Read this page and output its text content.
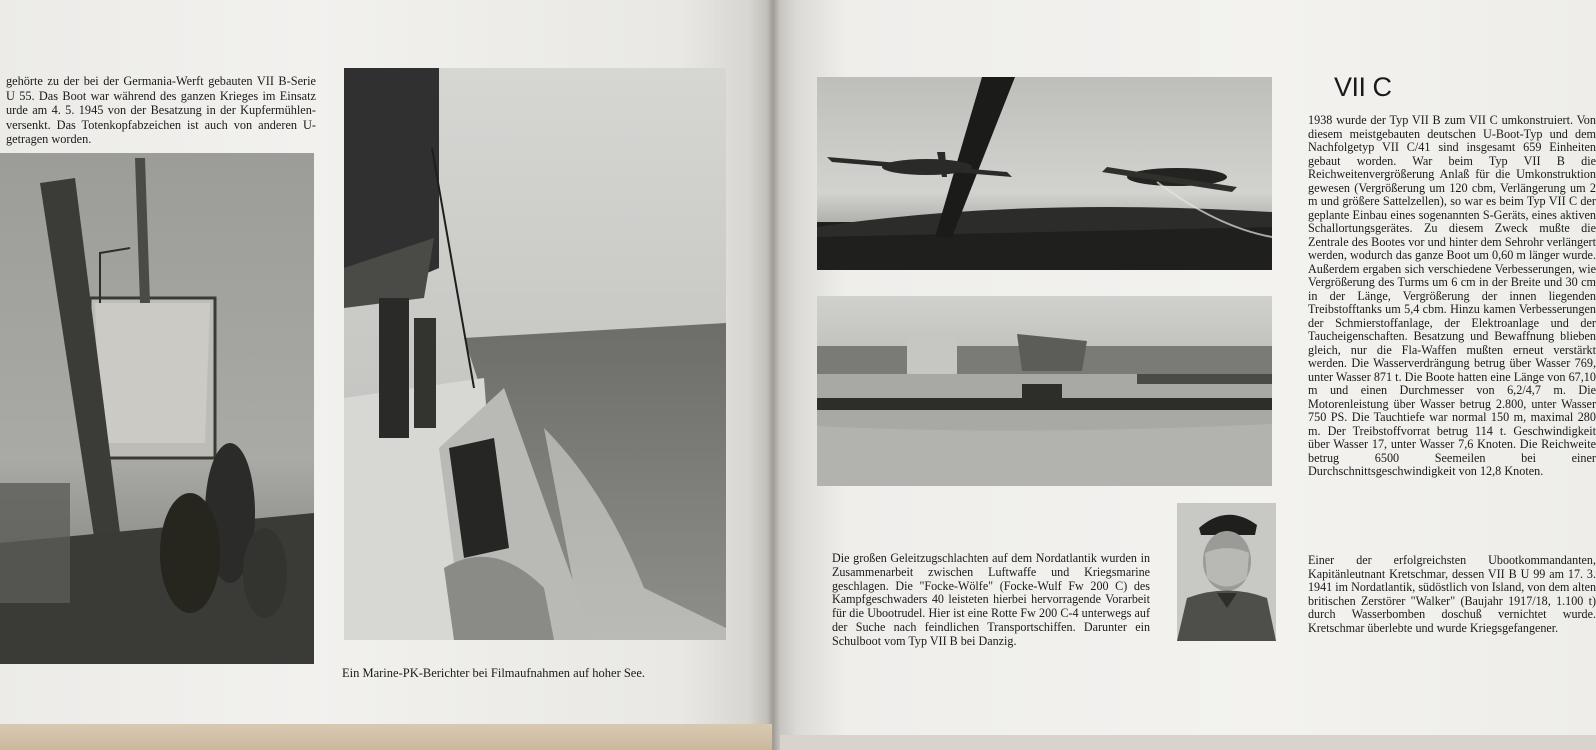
gehörte zu der bei der Germania-Werft gebauten VII B-Serie U 55. Das Boot war während des ganzen Krieges im Einsatz urde am 4. 5. 1945 von der Besatzung in der Kupfermühlen- versenkt. Das Totenkopfabzeichen ist auch von anderen U- getragen worden.
Ein Marine-PK-Berichter bei Filmaufnahmen auf hoher See.
VII C
1938 wurde der Typ VII B zum VII C umkonstruiert. Von diesem meistgebauten deutschen U-Boot-Typ und dem Nachfolgetyp VII C/41 sind insgesamt 659 Einheiten gebaut worden. War beim Typ VII B die Reichweitenvergrößerung Anlaß für die Umkonstruktion gewesen (Vergrößerung um 120 cbm, Verlängerung um 2 m und größere Sattelzellen), so war es beim Typ VII C der geplante Einbau eines sogenannten S-Geräts, eines aktiven Schallortungsgerätes. Zu diesem Zweck mußte die Zentrale des Bootes vor und hinter dem Sehrohr verlängert werden, wodurch das ganze Boot um 0,60 m länger wurde. Außerdem ergaben sich verschiedene Verbesserungen, wie Vergrößerung des Turms um 6 cm in der Breite und 30 cm in der Länge, Vergrößerung der innen liegenden Treibstofftanks um 5,4 cbm. Hinzu kamen Verbesserungen der Schmierstoffanlage, der Elektroanlage und der Taucheigenschaften. Besatzung und Bewaffnung blieben gleich, nur die Fla-Waffen mußten erneut verstärkt werden. Die Wasserverdrängung betrug über Wasser 769, unter Wasser 871 t. Die Boote hatten eine Länge von 67,10 m und einen Durchmesser von 6,2/4,7 m. Die Motorenleistung über Wasser betrug 2.800, unter Wasser 750 PS. Die Tauchtiefe war normal 150 m, maximal 280 m. Der Treibstoffvorrat betrug 114 t. Geschwindigkeit über Wasser 17, unter Wasser 7,6 Knoten. Die Reichweite betrug 6500 Seemeilen bei einer Durchschnittsgeschwindigkeit von 12,8 Knoten.
Die großen Geleitzugschlachten auf dem Nordatlantik wurden in Zusammenarbeit zwischen Luftwaffe und Kriegsmarine geschlagen. Die "Focke-Wölfe" (Focke-Wulf Fw 200 C) des Kampfgeschwaders 40 leisteten hierbei hervorragende Vorarbeit für die Ubootrudel. Hier ist eine Rotte Fw 200 C-4 unterwegs auf der Suche nach feindlichen Transportschiffen. Darunter ein Schulboot vom Typ VII B bei Danzig.
Einer der erfolgreichsten Ubootkommandanten, Kapitänleutnant Kretschmar, dessen VII B U 99 am 17. 3. 1941 im Nordatlantik, südöstlich von Island, von dem alten britischen Zerstörer "Walker" (Baujahr 1917/18, 1.100 t) durch Wasserbomben doschuß vernichtet wurde. Kretschmar überlebte und wurde Kriegsgefangener.
